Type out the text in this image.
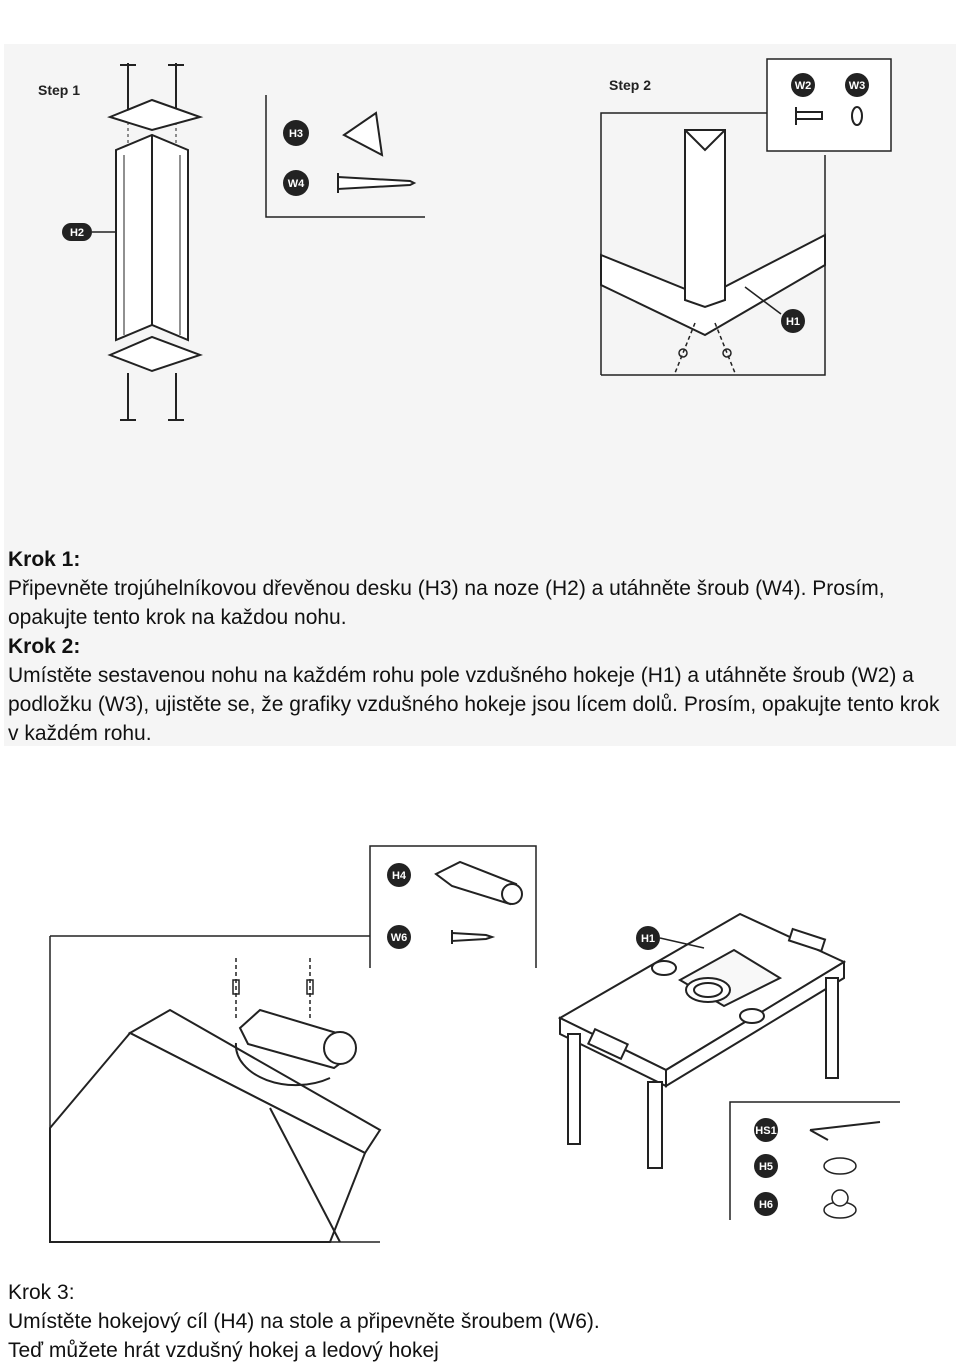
Step 1
H2
H3
W4
Step 2	W2	W3
H1

Krok 1:

Připevněte trojúhelníkovou dřevěnou desku (H3) na noze (H2) a utáhněte šroub (W4). Prosím, opakujte tento krok na každou nohu.

Krok 2:

Umístěte sestavenou nohu na každém rohu pole vzdušného hokeje (H1) a utáhněte šroub (W2) a podložku (W3), ujistěte se, že grafiky vzdušného hokeje jsou lícem dolů. Prosím, opakujte tento krok v každém rohu.

H4
W6	H1
HS1
H5
H6

Krok 3:

Umístěte hokejový cíl (H4) na stole a připevněte šroubem (W6).

Teď můžete hrát vzdušný hokej a ledový hokej
